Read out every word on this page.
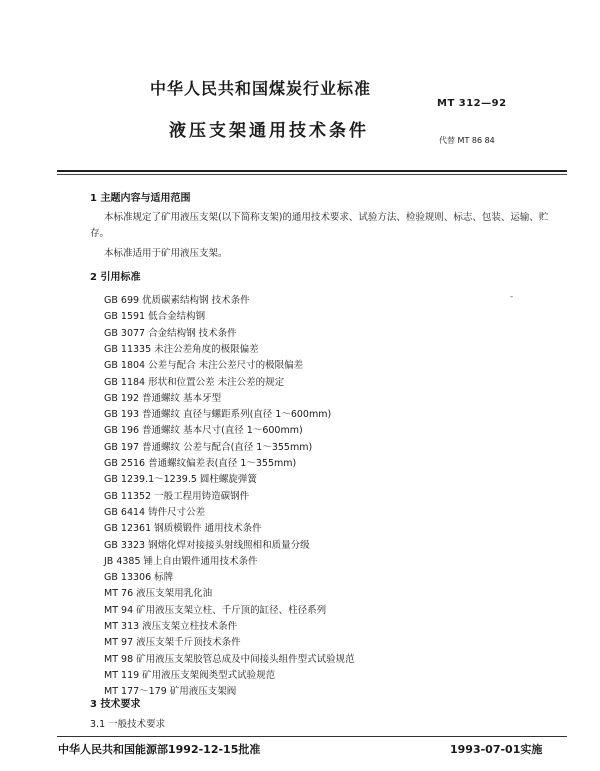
中华人民共和国煤炭行业标准
MT 312—92
液压支架通用技术条件	代替 MT 86 84
1 主题内容与适用范围
本标准规定了矿用液压支架(以下简称支架)的通用技术要求、试验方法、检验规则、标志、包装、运输、贮存。
本标准适用于矿用液压支架。
2 引用标准
-
GB 699 优质碳素结构钢 技术条件
GB 1591 低合金结构钢
GB 3077 合金结构钢 技术条件
GB 11335 未注公差角度的极限偏差
GB 1804 公差与配合 未注公差尺寸的极限偏差
GB 1184 形状和位置公差 未注公差的规定
GB 192 普通螺纹 基本牙型
GB 193 普通螺纹 直径与螺距系列(直径 1～600mm)
GB 196 普通螺纹 基本尺寸(直径 1～600mm)
GB 197 普通螺纹 公差与配合(直径 1～355mm)
GB 2516 普通螺纹偏差表(直径 1～355mm)
GB 1239.1～1239.5 圆柱螺旋弹簧
GB 11352 一般工程用铸造碳钢件
GB 6414 铸件尺寸公差
GB 12361 钢质模锻件 通用技术条件
GB 3323 钢熔化焊对接接头射线照相和质量分级
JB 4385 锤上自由锻件通用技术条件
GB 13306 标牌
MT 76 液压支架用乳化油
MT 94 矿用液压支架立柱、千斤顶的缸径、柱径系列
MT 313 液压支架立柱技术条件
MT 97 液压支架千斤顶技术条件
MT 98 矿用液压支架胶管总成及中间接头组件型式试验规范
MT 119 矿用液压支架阀类型式试验规范
MT 177～179 矿用液压支架阀
3 技术要求
3.1 一般技术要求
中华人民共和国能源部1992-12-15批准	1993-07-01实施
